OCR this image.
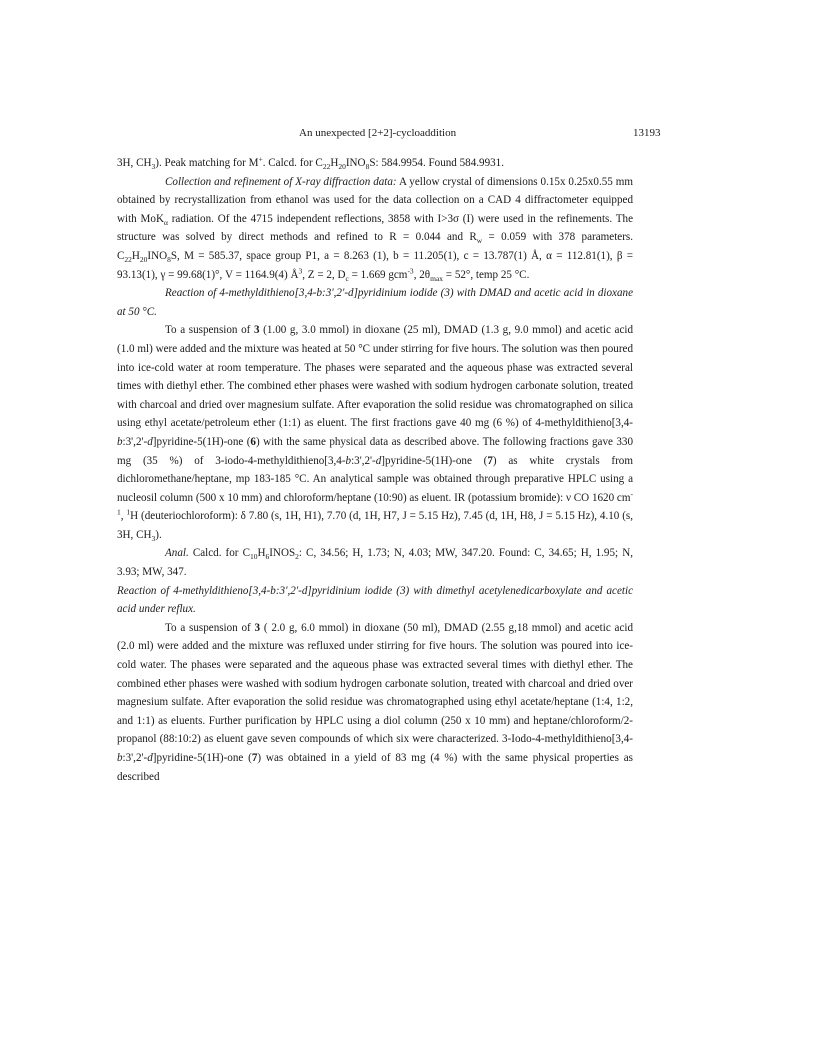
An unexpected [2+2]-cycloaddition	13193

3H, $CH_3$). Peak matching for M+. Calcd. for $C_{22}H_{20}INO_8S$: 584.9954. Found 584.9931.

Collection and refinement of X-ray diffraction data: A yellow crystal of dimensions 0.15x 0.25x0.55 mm obtained by recrystallization from ethanol was used for the data collection on a CAD 4 diffractometer equipped with MoK$_\alpha$ radiation. Of the 4715 independent reflections, 3858 with I>3σ (I) were used in the refinements. The structure was solved by direct methods and refined to R = 0.044 and $R_w = 0.059$ with 378 parameters. $C_{22}H_{20}INO_8S$, M = 585.37, space group P1, a = 8.263 (1), b = 11.205(1), c = 13.787(1) Å, α = 112.81(1), β = 93.13(1), γ = 99.68(1)°, V = 1164.9(4) $Å^3$, Z = 2, $D_c = 1.669$ gcm$^{-3}$, $2\theta_{max} = 52^\circ$, temp 25 °C.

Reaction of 4-methyldithieno[3,4-b:3',2'-d]pyridinium iodide (3) with DMAD and acetic acid in dioxane at 50 °C.

To a suspension of 3 (1.00 g, 3.0 mmol) in dioxane (25 ml), DMAD (1.3 g, 9.0 mmol) and acetic acid (1.0 ml) were added and the mixture was heated at 50 °C under stirring for five hours. The solution was then poured into ice-cold water at room temperature. The phases were separated and the aqueous phase was extracted several times with diethyl ether. The combined ether phases were washed with sodium hydrogen carbonate solution, treated with charcoal and dried over magnesium sulfate. After evaporation the solid residue was chromatographed on silica using ethyl acetate/petroleum ether (1:1) as eluent. The first fractions gave 40 mg (6 %) of 4-methyldithieno[3,4-b:3',2'-d]pyridine-5(1H)-one (6) with the same physical data as described above. The following fractions gave 330 mg (35 %) of 3-iodo-4-methyldithieno[3,4-b:3',2'-d]pyridine-5(1H)-one (7) as white crystals from dichloromethane/heptane, mp 183-185 °C. An analytical sample was obtained through preparative HPLC using a nucleosil column (500 x 10 mm) and chloroform/heptane (10:90) as eluent. IR (potassium bromide): ν CO 1620 $cm^{-1}$, $^1$H (deuteriochloroform): δ 7.80 (s, 1H, H1), 7.70 (d, 1H, H7, J = 5.15 Hz), 7.45 (d, 1H, H8, J = 5.15 Hz), 4.10 (s, 3H, $CH_3$).

Anal. Calcd. for $C_{10}H_6INOS_2$: C, 34.56; H, 1.73; N, 4.03; MW, 347.20. Found: C, 34.65; H, 1.95; N, 3.93; MW, 347.

Reaction of 4-methyldithieno[3,4-b:3',2'-d]pyridinium iodide (3) with dimethyl acetylenedicarboxylate and acetic acid under reflux.

To a suspension of 3 ( 2.0 g, 6.0 mmol) in dioxane (50 ml), DMAD (2.55 g,18 mmol) and acetic acid (2.0 ml) were added and the mixture was refluxed under stirring for five hours. The solution was poured into ice-cold water. The phases were separated and the aqueous phase was extracted several times with diethyl ether. The combined ether phases were washed with sodium hydrogen carbonate solution, treated with charcoal and dried over magnesium sulfate. After evaporation the solid residue was chromatographed using ethyl acetate/heptane (1:4, 1:2, and 1:1) as eluents. Further purification by HPLC using a diol column (250 x 10 mm) and heptane/chloroform/2-propanol (88:10:2) as eluent gave seven compounds of which six were characterized. 3-Iodo-4-methyldithieno[3,4-b:3',2'-d]pyridine-5(1H)-one (7) was obtained in a yield of 83 mg (4 %) with the same physical properties as described
